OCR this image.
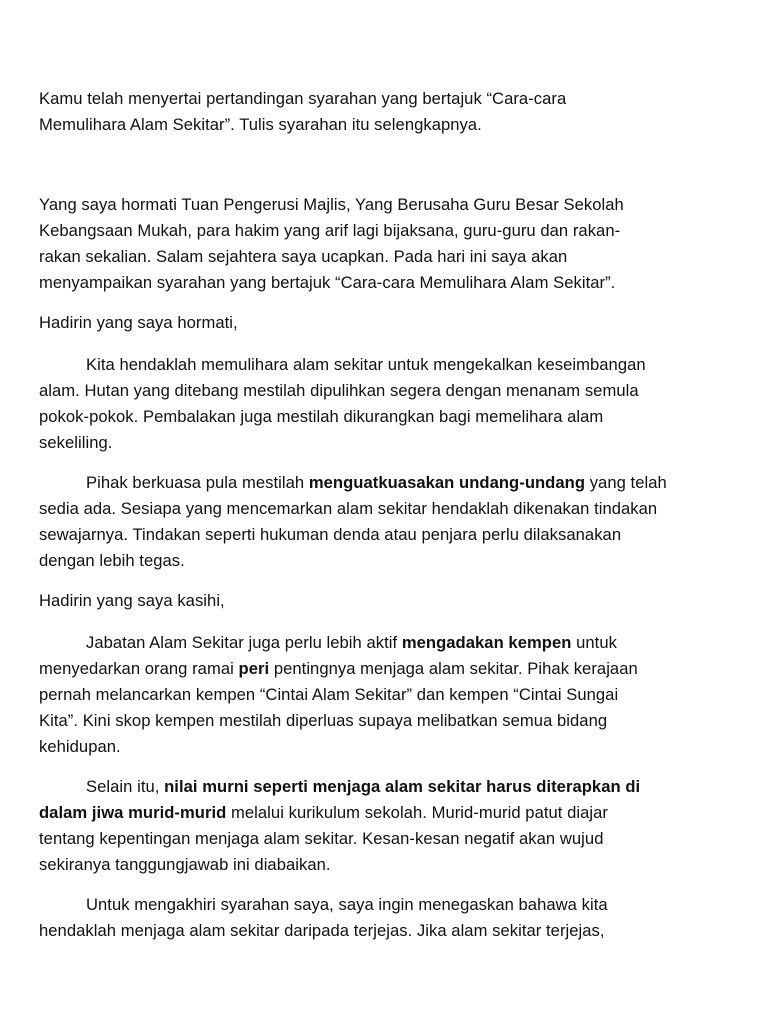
Kamu telah menyertai pertandingan syarahan yang bertajuk “Cara-cara
Memulihara Alam Sekitar”. Tulis syarahan itu selengkapnya.

Yang saya hormati Tuan Pengerusi Majlis, Yang Berusaha Guru Besar Sekolah
Kebangsaan Mukah, para hakim yang arif lagi bijaksana, guru-guru dan rakan-
rakan sekalian. Salam sejahtera saya ucapkan. Pada hari ini saya akan
menyampaikan syarahan yang bertajuk “Cara-cara Memulihara Alam Sekitar”.

Hadirin yang saya hormati,

Kita hendaklah memulihara alam sekitar untuk mengekalkan keseimbangan
alam. Hutan yang ditebang mestilah dipulihkan segera dengan menanam semula
pokok-pokok. Pembalakan juga mestilah dikurangkan bagi memelihara alam
sekeliling.

Pihak berkuasa pula mestilah menguatkuasakan undang-undang yang telah
sedia ada. Sesiapa yang mencemarkan alam sekitar hendaklah dikenakan tindakan
sewajarnya. Tindakan seperti hukuman denda atau penjara perlu dilaksanakan
dengan lebih tegas.

Hadirin yang saya kasihi,

Jabatan Alam Sekitar juga perlu lebih aktif mengadakan kempen untuk
menyedarkan orang ramai peri pentingnya menjaga alam sekitar. Pihak kerajaan
pernah melancarkan kempen “Cintai Alam Sekitar” dan kempen “Cintai Sungai
Kita”. Kini skop kempen mestilah diperluas supaya melibatkan semua bidang
kehidupan.

Selain itu, nilai murni seperti menjaga alam sekitar harus diterapkan di
dalam jiwa murid-murid melalui kurikulum sekolah. Murid-murid patut diajar
tentang kepentingan menjaga alam sekitar. Kesan-kesan negatif akan wujud
sekiranya tanggungjawab ini diabaikan.

Untuk mengakhiri syarahan saya, saya ingin menegaskan bahawa kita
hendaklah menjaga alam sekitar daripada terjejas. Jika alam sekitar terjejas,
